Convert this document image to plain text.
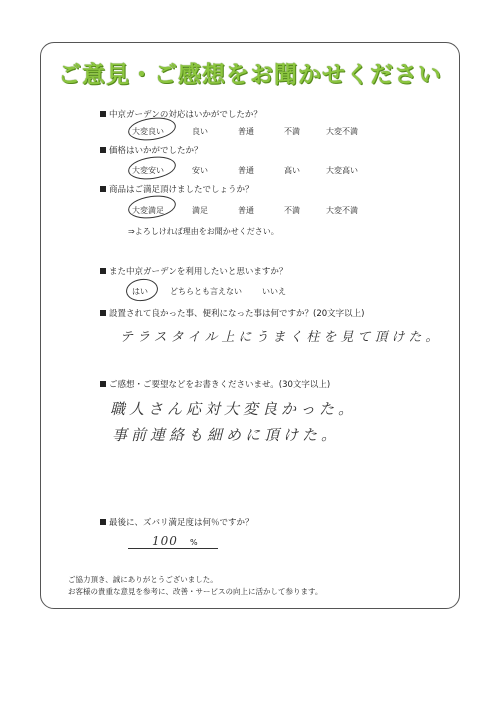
ご意見・ご感想をお聞かせください
中京ガーデンの対応はいかがでしたか？
大変良い	良い	普通	不満	大変不満
価格はいかがでしたか？
大変安い	安い	普通	高い	大変高い
商品はご満足頂けましたでしょうか？
大変満足	満足	普通	不満	大変不満
⇒よろしければ理由をお聞かせください。
また中京ガーデンを利用したいと思いますか？
はい	どちらとも言えない	いいえ
設置されて良かった事、便利になった事は何ですか？(20文字以上)
テラスタイル上にうまく柱を見て頂けた。
ご感想・ご要望などをお書きくださいませ。(30文字以上)
職人さん応対大変良かった。
事前連絡も細めに頂けた。
最後に、ズバリ満足度は何％ですか？
100 %
ご協力頂き、誠にありがとうございました。
お客様の貴重な意見を参考に、改善・サービスの向上に活かして参ります。
